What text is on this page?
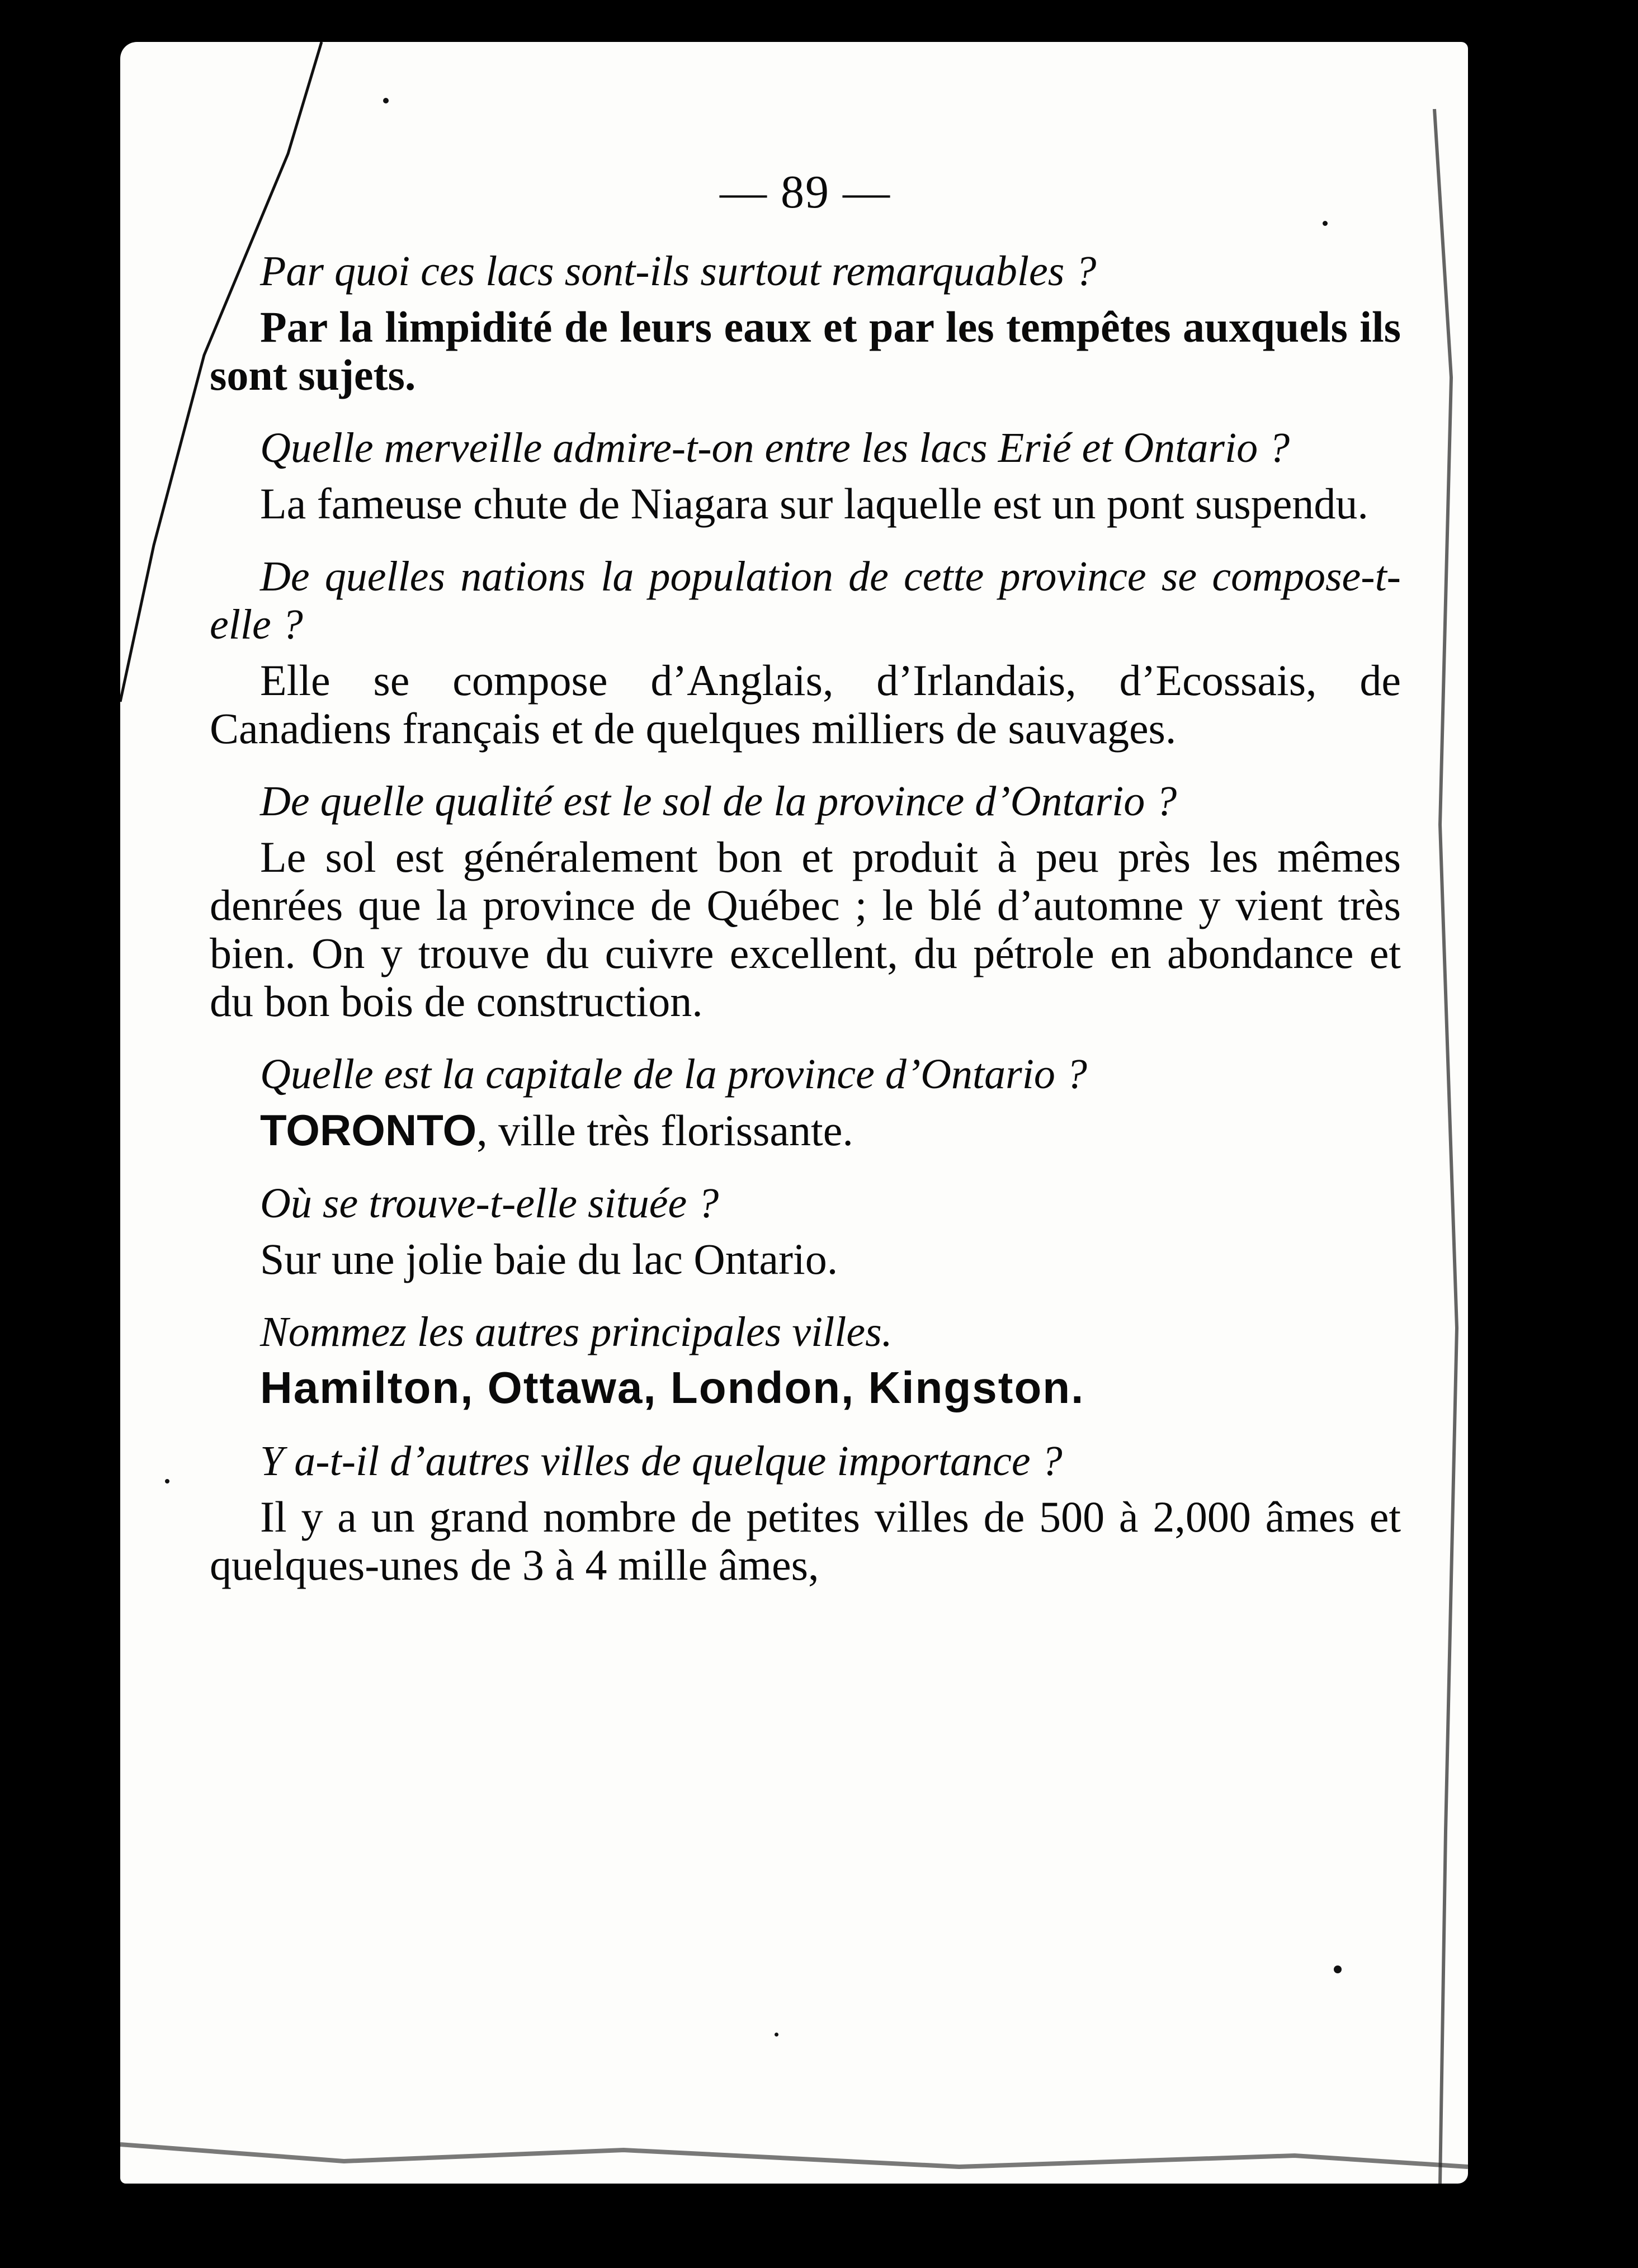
— 89 —

Par quoi ces lacs sont-ils surtout remarquables ?

Par la limpidité de leurs eaux et par les tempêtes auxquels ils sont sujets.

Quelle merveille admire-t-on entre les lacs Erié et Ontario ?

La fameuse chute de Niagara sur laquelle est un pont suspendu.

De quelles nations la population de cette province se compose-t-elle ?

Elle se compose d’Anglais, d’Irlandais, d’Ecossais, de Canadiens français et de quelques milliers de sauvages.

De quelle qualité est le sol de la province d’Ontario ?

Le sol est généralement bon et produit à peu près les mêmes denrées que la province de Québec ; le blé d’automne y vient très bien. On y trouve du cuivre excellent, du pétrole en abondance et du bon bois de construction.

Quelle est la capitale de la province d’Ontario ?

TORONTO, ville très florissante.

Où se trouve-t-elle située ?

Sur une jolie baie du lac Ontario.

Nommez les autres principales villes.

Hamilton, Ottawa, London, Kingston.

Y a-t-il d’autres villes de quelque importance ?

Il y a un grand nombre de petites villes de 500 à 2,000 âmes et quelques-unes de 3 à 4 mille âmes,
